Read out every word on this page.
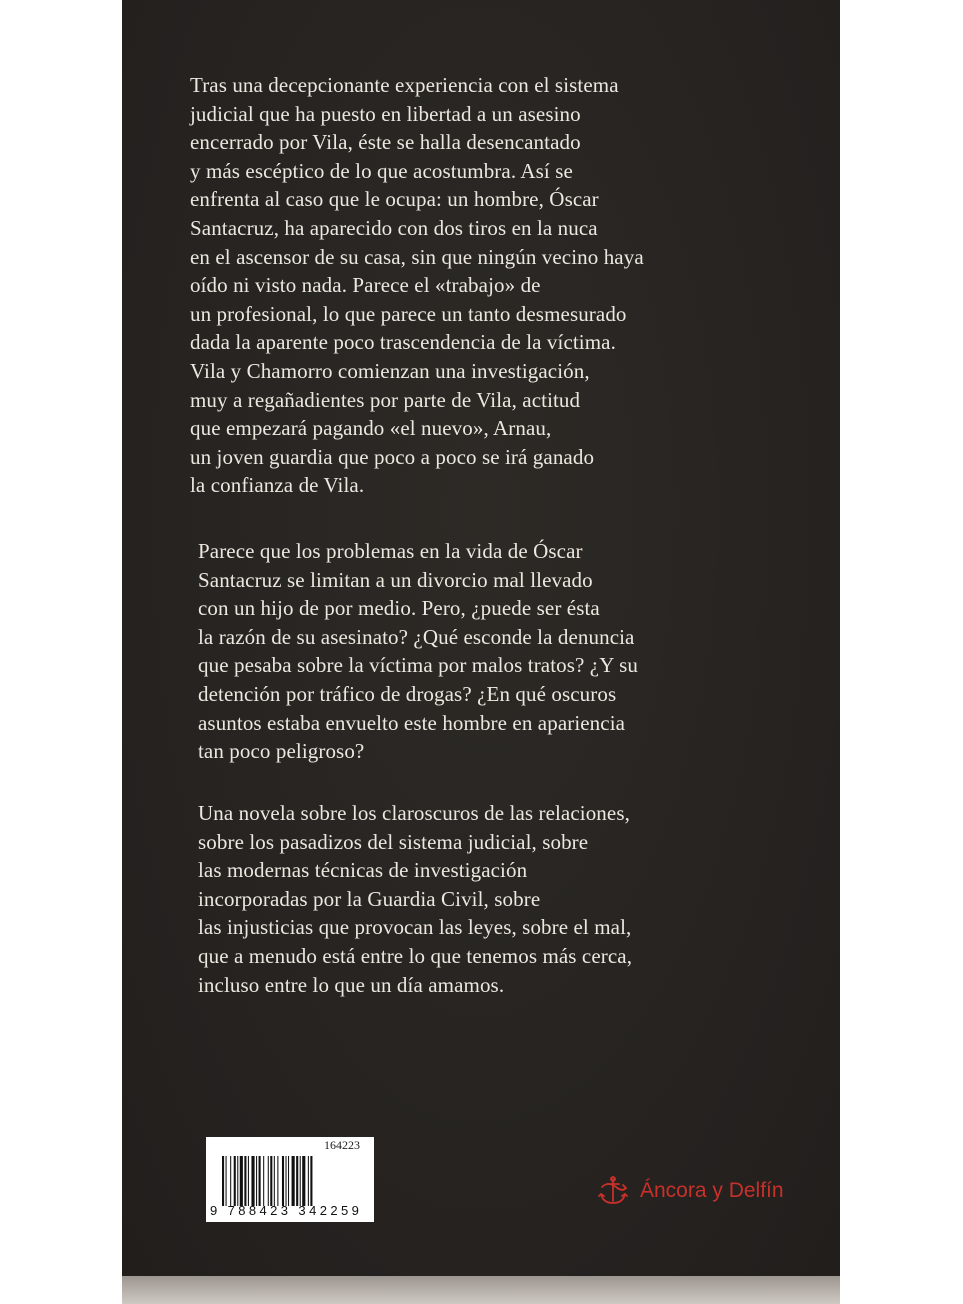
Tras una decepcionante experiencia con el sistema
judicial que ha puesto en libertad a un asesino
encerrado por Vila, éste se halla desencantado
y más escéptico de lo que acostumbra. Así se
enfrenta al caso que le ocupa: un hombre, Óscar
Santacruz, ha aparecido con dos tiros en la nuca
en el ascensor de su casa, sin que ningún vecino haya
oído ni visto nada. Parece el «trabajo» de
un profesional, lo que parece un tanto desmesurado
dada la aparente poco trascendencia de la víctima.
Vila y Chamorro comienzan una investigación,
muy a regañadientes por parte de Vila, actitud
que empezará pagando «el nuevo», Arnau,
un joven guardia que poco a poco se irá ganado
la confianza de Vila.
Parece que los problemas en la vida de Óscar
Santacruz se limitan a un divorcio mal llevado
con un hijo de por medio. Pero, ¿puede ser ésta
la razón de su asesinato? ¿Qué esconde la denuncia
que pesaba sobre la víctima por malos tratos? ¿Y su
detención por tráfico de drogas? ¿En qué oscuros
asuntos estaba envuelto este hombre en apariencia
tan poco peligroso?
Una novela sobre los claroscuros de las relaciones,
sobre los pasadizos del sistema judicial, sobre
las modernas técnicas de investigación
incorporadas por la Guardia Civil, sobre
las injusticias que provocan las leyes, sobre el mal,
que a menudo está entre lo que tenemos más cerca,
incluso entre lo que un día amamos.
164223
9 788423 342259
Áncora y Delfín
